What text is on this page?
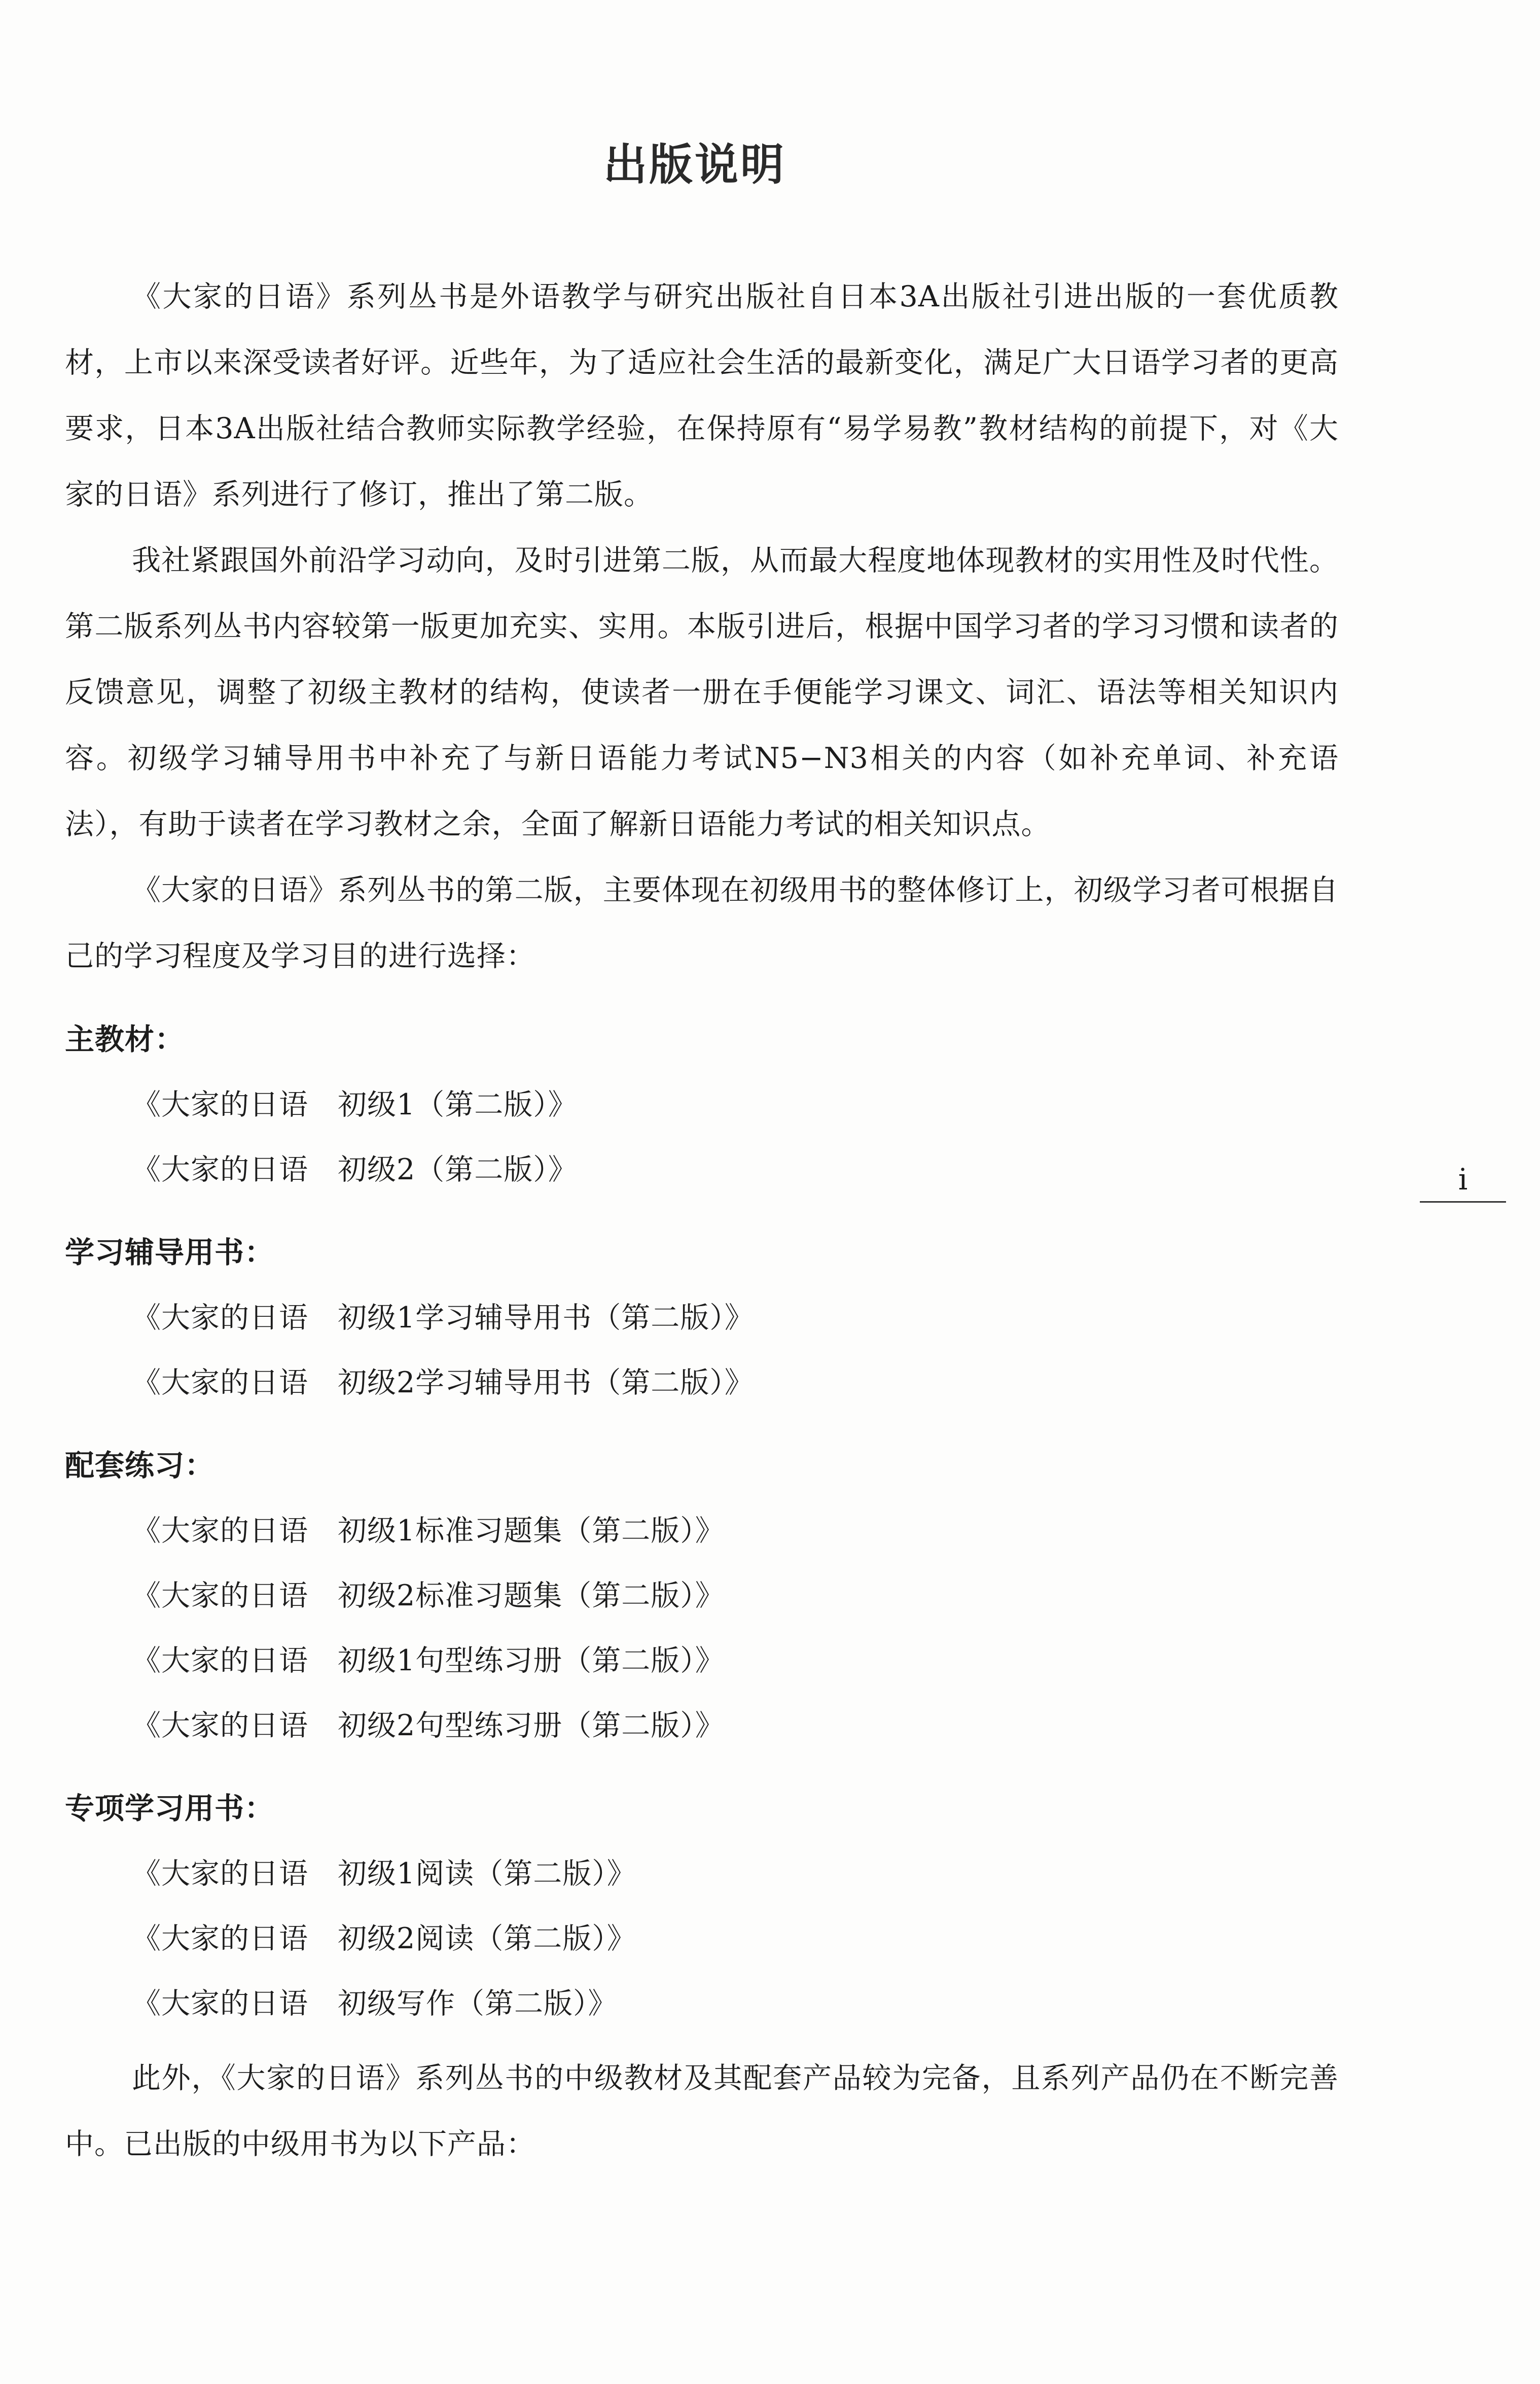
出版说明

《大家的日语》系列丛书是外语教学与研究出版社自日本3A出版社引进出版的一套优质教材，上市以来深受读者好评。近些年，为了适应社会生活的最新变化，满足广大日语学习者的更高要求，日本3A出版社结合教师实际教学经验，在保持原有“易学易教”教材结构的前提下，对《大家的日语》系列进行了修订，推出了第二版。

我社紧跟国外前沿学习动向，及时引进第二版，从而最大程度地体现教材的实用性及时代性。第二版系列丛书内容较第一版更加充实、实用。本版引进后，根据中国学习者的学习习惯和读者的反馈意见，调整了初级主教材的结构，使读者一册在手便能学习课文、词汇、语法等相关知识内容。初级学习辅导用书中补充了与新日语能力考试N5−N3相关的内容（如补充单词、补充语法），有助于读者在学习教材之余，全面了解新日语能力考试的相关知识点。

《大家的日语》系列丛书的第二版，主要体现在初级用书的整体修订上，初级学习者可根据自己的学习程度及学习目的进行选择：

主教材：

《大家的日语　初级1（第二版）》

《大家的日语　初级2（第二版）》

学习辅导用书：

《大家的日语　初级1学习辅导用书（第二版）》

《大家的日语　初级2学习辅导用书（第二版）》

配套练习：

《大家的日语　初级1标准习题集（第二版）》

《大家的日语　初级2标准习题集（第二版）》

《大家的日语　初级1句型练习册（第二版）》

《大家的日语　初级2句型练习册（第二版）》

专项学习用书：

《大家的日语　初级1阅读（第二版）》

《大家的日语　初级2阅读（第二版）》

《大家的日语　初级写作（第二版）》

此外，《大家的日语》系列丛书的中级教材及其配套产品较为完备，且系列产品仍在不断完善中。已出版的中级用书为以下产品：

i
